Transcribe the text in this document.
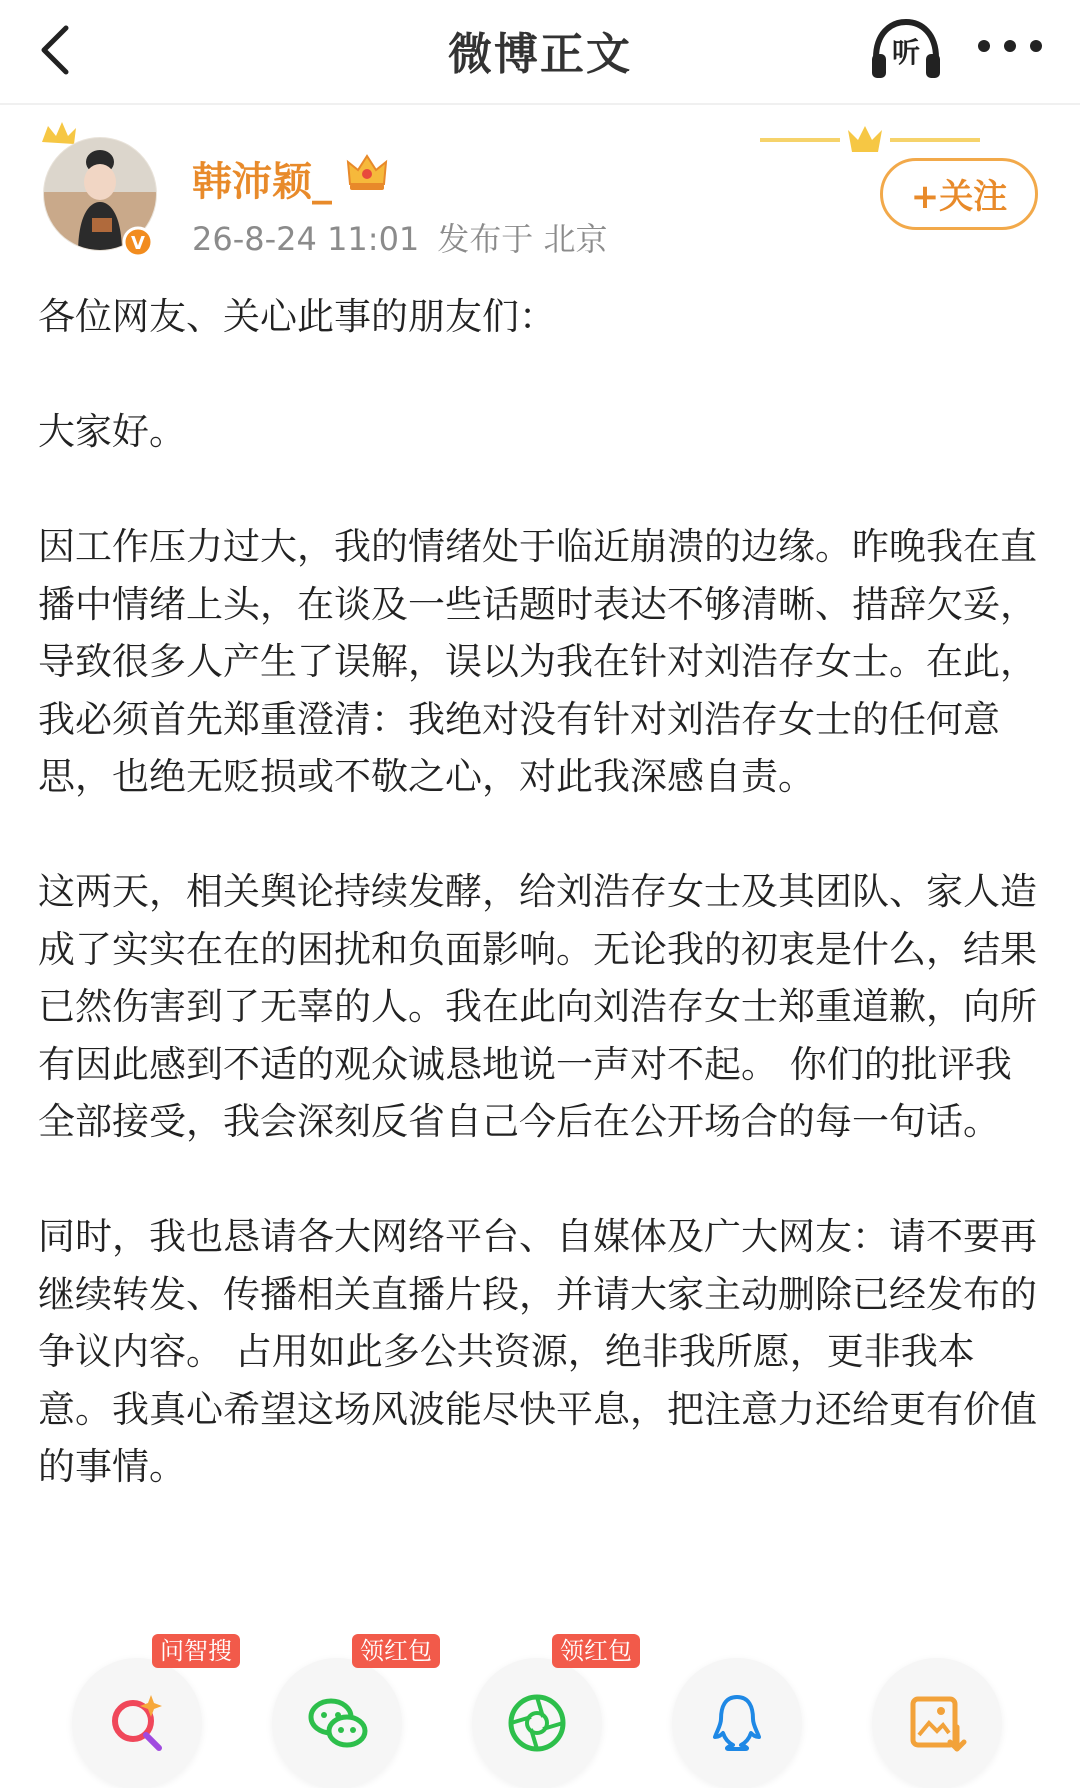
微博正文	听
V
韩沛颖_
26-8-24 11:01 发布于 北京
+关注

各位网友、关心此事的朋友们：

大家好。

因工作压力过大，我的情绪处于临近崩溃的边缘。昨晚我在直播中情绪上头，在谈及一些话题时表达不够清晰、措辞欠妥，导致很多人产生了误解，误以为我在针对刘浩存女士。在此，我必须首先郑重澄清：我绝对没有针对刘浩存女士的任何意思，也绝无贬损或不敬之心，对此我深感自责。

这两天，相关舆论持续发酵，给刘浩存女士及其团队、家人造成了实实在在的困扰和负面影响。无论我的初衷是什么，结果已然伤害到了无辜的人。我在此向刘浩存女士郑重道歉，向所有因此感到不适的观众诚恳地说一声对不起。 你们的批评我全部接受，我会深刻反省自己今后在公开场合的每一句话。

同时，我也恳请各大网络平台、自媒体及广大网友：请不要再继续转发、传播相关直播片段，并请大家主动删除已经发布的争议内容。 占用如此多公共资源，绝非我所愿，更非我本意。我真心希望这场风波能尽快平息，把注意力还给更有价值的事情。

问智搜	领红包	领红包
